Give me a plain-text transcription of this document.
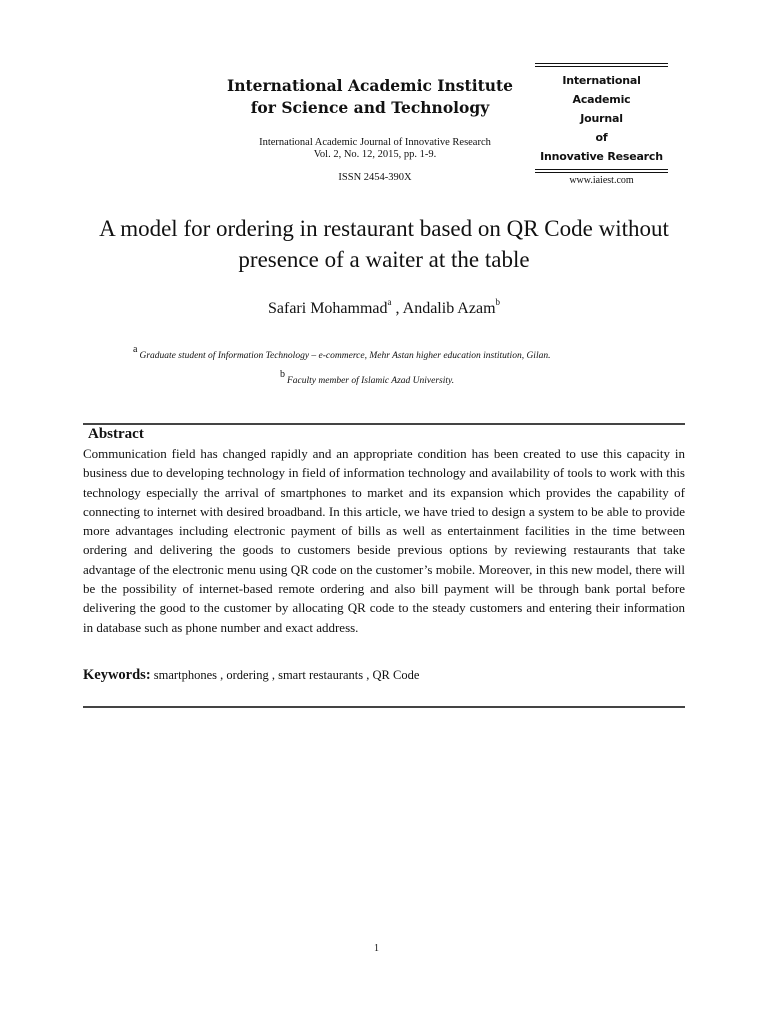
International Academic Institute
for Science and Technology
International Academic Journal of Innovative Research
Vol. 2, No. 12, 2015, pp. 1-9.
ISSN 2454-390X
International
Academic
Journal
of
Innovative Research
www.iaiest.com
A model for ordering in restaurant based on QR Code without
presence of a waiter at the table
Safari Mohammad$^a$ , Andalib Azam$^b$
aGraduate student of Information Technology – e-commerce, Mehr Astan higher education institution, Gilan.
bFaculty member of Islamic Azad University.
Abstract
Communication field has changed rapidly and an appropriate condition has been created to use this capacity in business due to developing technology in field of information technology and availability of tools to work with this technology especially the arrival of smartphones to market and its expansion which provides the capability of connecting to internet with desired broadband. In this article, we have tried to design a system to be able to provide more advantages including electronic payment of bills as well as entertainment facilities in the time between ordering and delivering the goods to customers beside previous options by reviewing restaurants that take advantage of the electronic menu using QR code on the customer’s mobile. Moreover, in this new model, there will be the possibility of internet-based remote ordering and also bill payment will be through bank portal before delivering the good to the customer by allocating QR code to the steady customers and entering their information in database such as phone number and exact address.
Keywords: smartphones , ordering , smart restaurants , QR Code
1
